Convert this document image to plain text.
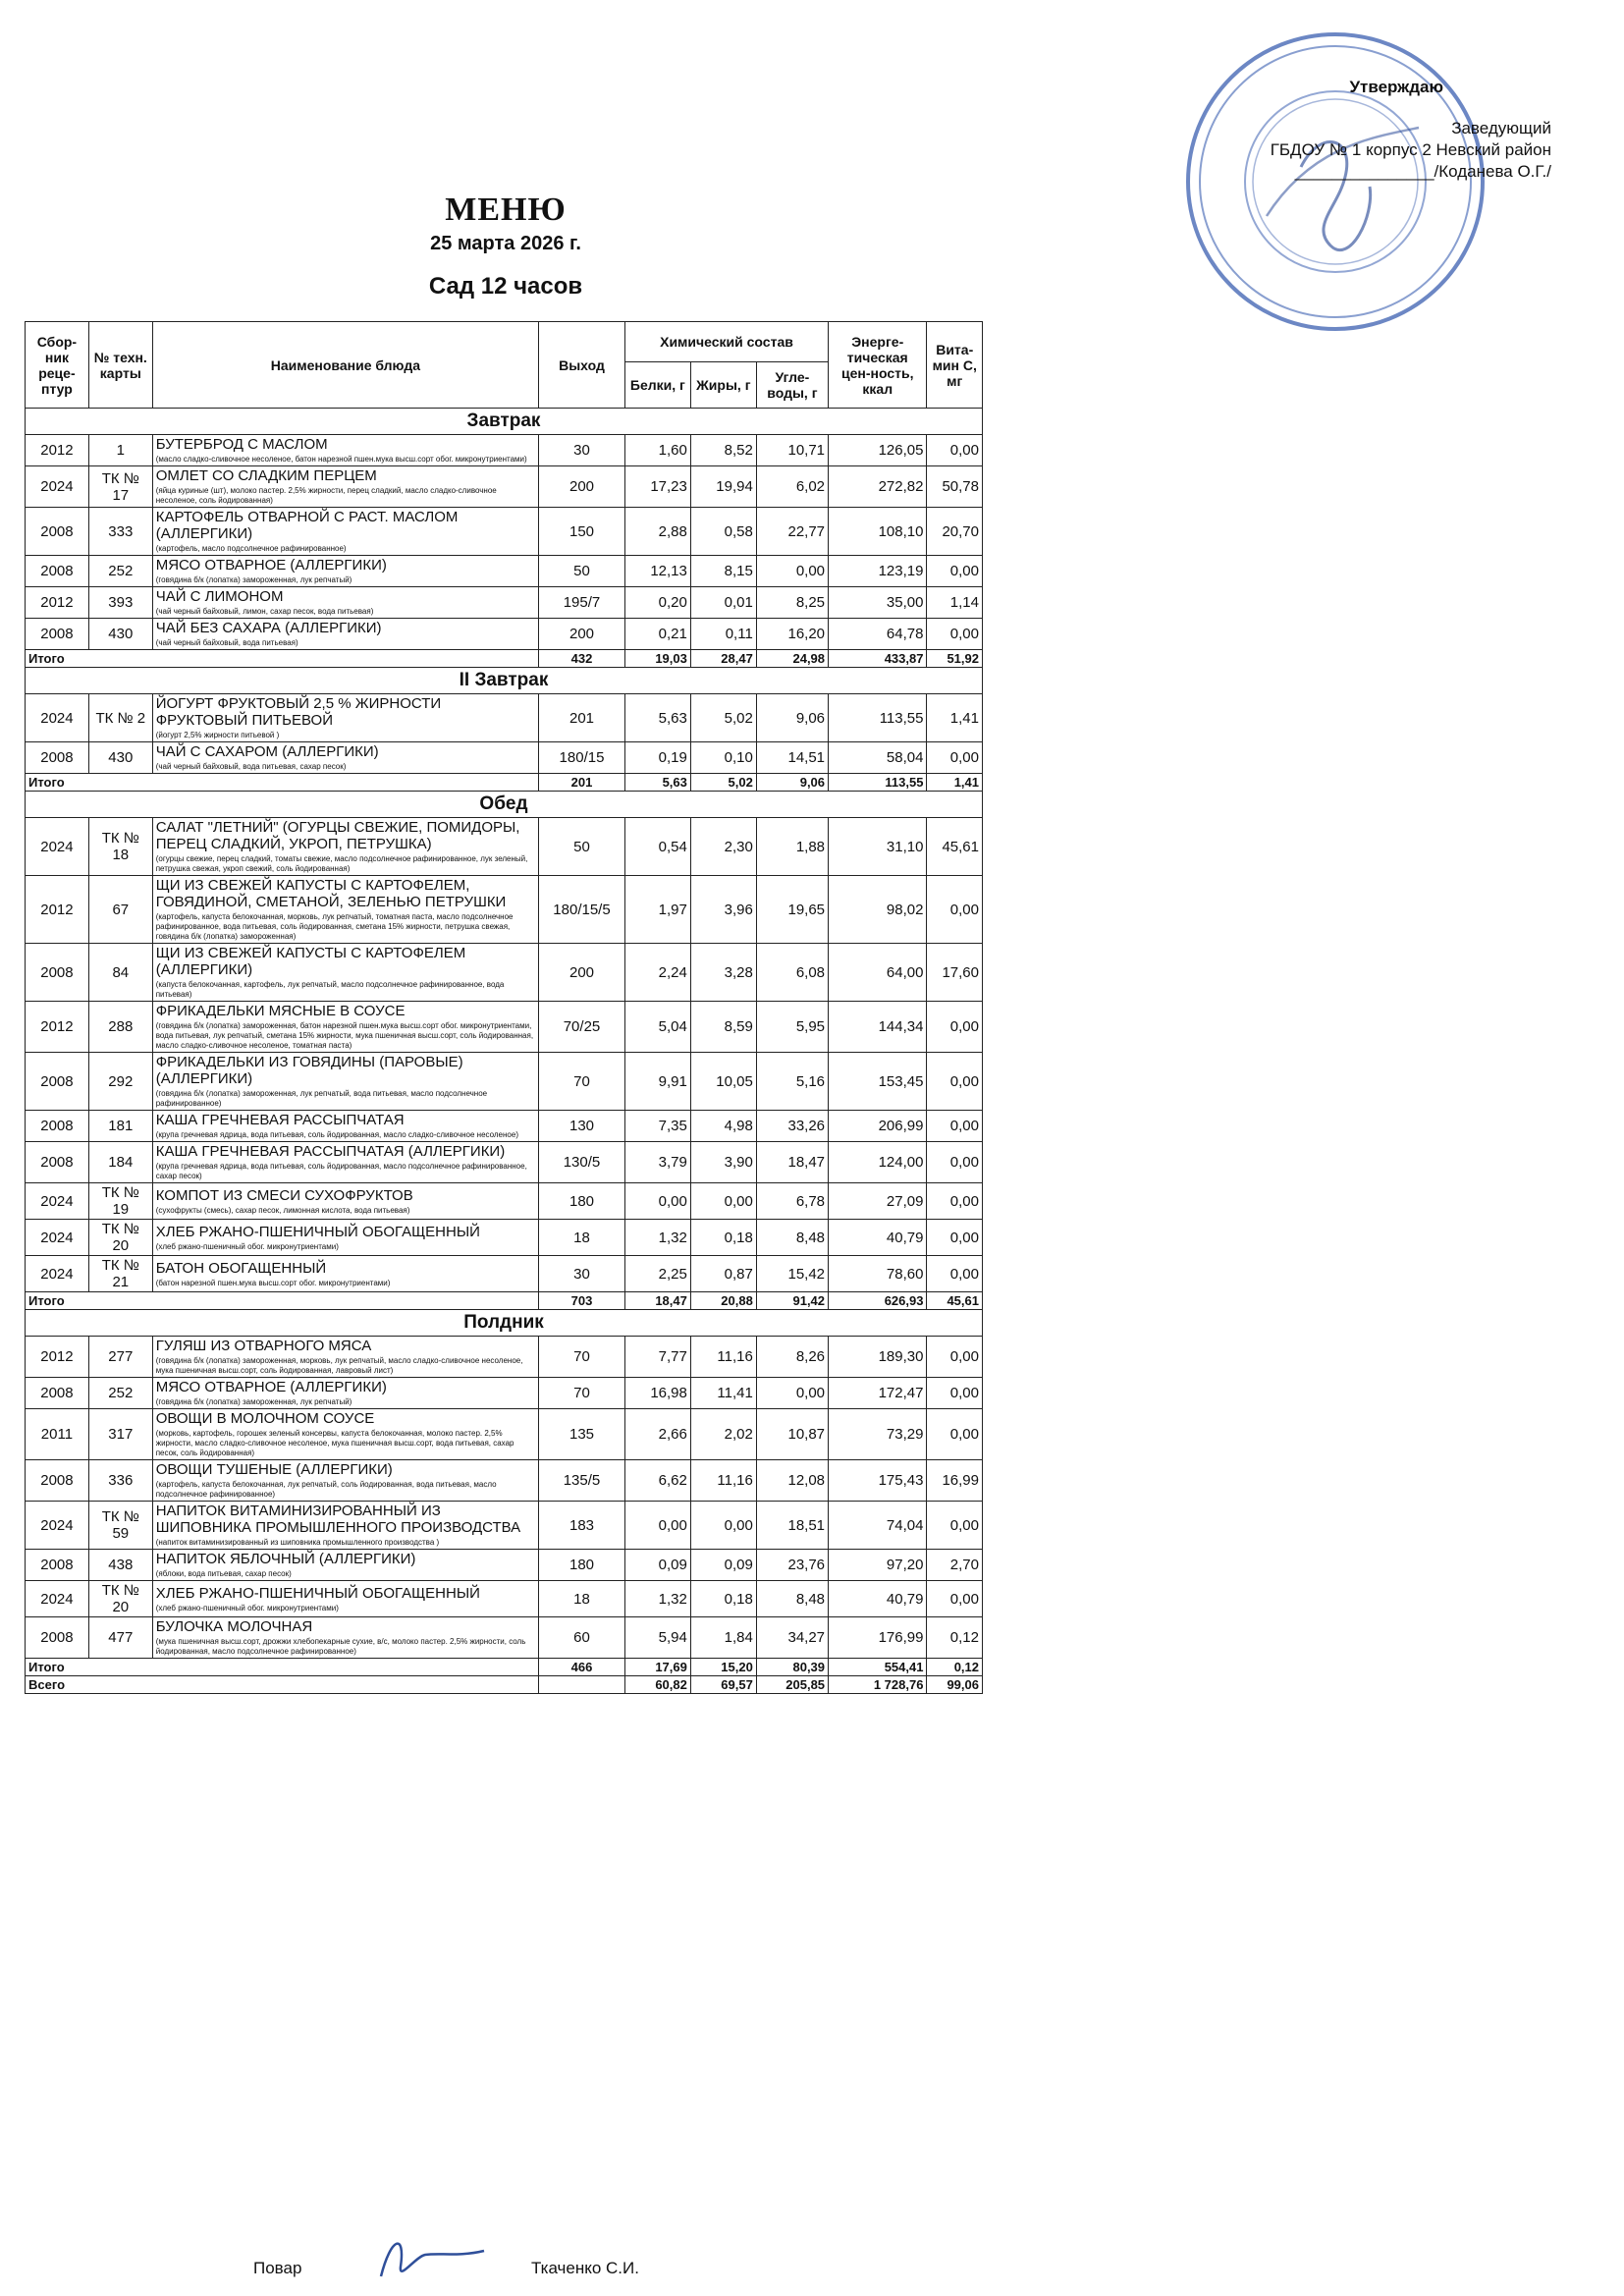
Утверждаю
Заведующий
ГБДОУ № 1 корпус 2 Невский район
_______________/Коданева О.Г./
МЕНЮ
25 марта 2026 г.
Сад 12 часов
Сбор-ник реце-птур	№ техн. карты	Наименование блюда	Выход	Химический состав			Энерге-тическая цен-ность, ккал	Вита-мин С, мг
				Белки, г	Жиры, г	Угле-воды, г		
Завтрак								
2012	1	БУТЕРБРОД С МАСЛОМ
(масло сладко-сливочное несоленое, батон нарезной пшен.мука высш.сорт обог. микронутриентами)	30	1,60	8,52	10,71	126,05	0,00
2024	ТК № 17	ОМЛЕТ СО СЛАДКИМ ПЕРЦЕМ
(яйца куриные (шт), молоко пастер. 2,5% жирности, перец сладкий, масло сладко-сливочное несоленое, соль йодированная)	200	17,23	19,94	6,02	272,82	50,78
2008	333	КАРТОФЕЛЬ ОТВАРНОЙ С РАСТ. МАСЛОМ (АЛЛЕРГИКИ)
(картофель, масло подсолнечное рафинированное)	150	2,88	0,58	22,77	108,10	20,70
2008	252	МЯСО ОТВАРНОЕ (АЛЛЕРГИКИ)
(говядина б/к (лопатка) замороженная, лук репчатый)	50	12,13	8,15	0,00	123,19	0,00
2012	393	ЧАЙ С ЛИМОНОМ
(чай черный байховый, лимон, сахар песок, вода питьевая)	195/7	0,20	0,01	8,25	35,00	1,14
2008	430	ЧАЙ БЕЗ САХАРА (АЛЛЕРГИКИ)
(чай черный байховый, вода питьевая)	200	0,21	0,11	16,20	64,78	0,00
Итого			432	19,03	28,47	24,98	433,87	51,92
II Завтрак								
2024	ТК № 2	ЙОГУРТ ФРУКТОВЫЙ 2,5 % ЖИРНОСТИ ФРУКТОВЫЙ ПИТЬЕВОЙ
(йогурт 2,5% жирности питьевой )	201	5,63	5,02	9,06	113,55	1,41
2008	430	ЧАЙ С САХАРОМ (АЛЛЕРГИКИ)
(чай черный байховый, вода питьевая, сахар песок)	180/15	0,19	0,10	14,51	58,04	0,00
Итого			201	5,63	5,02	9,06	113,55	1,41
Обед								
2024	ТК № 18	САЛАТ "ЛЕТНИЙ" (ОГУРЦЫ СВЕЖИЕ, ПОМИДОРЫ, ПЕРЕЦ СЛАДКИЙ, УКРОП, ПЕТРУШКА)
(огурцы свежие, перец сладкий, томаты свежие, масло подсолнечное рафинированное, лук зеленый, петрушка свежая, укроп свежий, соль йодированная)	50	0,54	2,30	1,88	31,10	45,61
2012	67	ЩИ ИЗ СВЕЖЕЙ КАПУСТЫ С КАРТОФЕЛЕМ, ГОВЯДИНОЙ, СМЕТАНОЙ, ЗЕЛЕНЬЮ ПЕТРУШКИ
(картофель, капуста белокочанная, морковь, лук репчатый, томатная паста, масло подсолнечное рафинированное, вода питьевая, соль йодированная, сметана 15% жирности, петрушка свежая, говядина б/к (лопатка) замороженная)	180/15/5	1,97	3,96	19,65	98,02	0,00
2008	84	ЩИ ИЗ СВЕЖЕЙ КАПУСТЫ С КАРТОФЕЛЕМ (АЛЛЕРГИКИ)
(капуста белокочанная, картофель, лук репчатый, масло подсолнечное рафинированное, вода питьевая)	200	2,24	3,28	6,08	64,00	17,60
2012	288	ФРИКАДЕЛЬКИ МЯСНЫЕ В СОУСЕ
(говядина б/к (лопатка) замороженная, батон нарезной пшен.мука высш.сорт обог. микронутриентами, вода питьевая, лук репчатый, сметана 15% жирности, мука пшеничная высш.сорт, соль йодированная, масло сладко-сливочное несоленое, томатная паста)	70/25	5,04	8,59	5,95	144,34	0,00
2008	292	ФРИКАДЕЛЬКИ ИЗ ГОВЯДИНЫ (ПАРОВЫЕ) (АЛЛЕРГИКИ)
(говядина б/к (лопатка) замороженная, лук репчатый, вода питьевая, масло подсолнечное рафинированное)	70	9,91	10,05	5,16	153,45	0,00
2008	181	КАША ГРЕЧНЕВАЯ РАССЫПЧАТАЯ
(крупа гречневая ядрица, вода питьевая, соль йодированная, масло сладко-сливочное несоленое)	130	7,35	4,98	33,26	206,99	0,00
2008	184	КАША ГРЕЧНЕВАЯ РАССЫПЧАТАЯ (АЛЛЕРГИКИ)
(крупа гречневая ядрица, вода питьевая, соль йодированная, масло подсолнечное рафинированное, сахар песок)	130/5	3,79	3,90	18,47	124,00	0,00
2024	ТК № 19	КОМПОТ ИЗ СМЕСИ СУХОФРУКТОВ
(сухофрукты (смесь), сахар песок, лимонная кислота, вода питьевая)	180	0,00	0,00	6,78	27,09	0,00
2024	ТК № 20	ХЛЕБ РЖАНО-ПШЕНИЧНЫЙ ОБОГАЩЕННЫЙ
(хлеб ржано-пшеничный обог. микронутриентами)	18	1,32	0,18	8,48	40,79	0,00
2024	ТК № 21	БАТОН ОБОГАЩЕННЫЙ
(батон нарезной пшен.мука высш.сорт обог. микронутриентами)	30	2,25	0,87	15,42	78,60	0,00
Итого			703	18,47	20,88	91,42	626,93	45,61
Полдник								
2012	277	ГУЛЯШ ИЗ ОТВАРНОГО МЯСА
(говядина б/к (лопатка) замороженная, морковь, лук репчатый, масло сладко-сливочное несоленое, мука пшеничная высш.сорт, соль йодированная, лавровый лист)	70	7,77	11,16	8,26	189,30	0,00
2008	252	МЯСО ОТВАРНОЕ (АЛЛЕРГИКИ)
(говядина б/к (лопатка) замороженная, лук репчатый)	70	16,98	11,41	0,00	172,47	0,00
2011	317	ОВОЩИ В МОЛОЧНОМ СОУСЕ
(морковь, картофель, горошек зеленый консервы, капуста белокочанная, молоко пастер. 2,5% жирности, масло сладко-сливочное несоленое, мука пшеничная высш.сорт, вода питьевая, сахар песок, соль йодированная)	135	2,66	2,02	10,87	73,29	0,00
2008	336	ОВОЩИ ТУШЕНЫЕ (АЛЛЕРГИКИ)
(картофель, капуста белокочанная, лук репчатый, соль йодированная, вода питьевая, масло подсолнечное рафинированное)	135/5	6,62	11,16	12,08	175,43	16,99
2024	ТК № 59	НАПИТОК ВИТАМИНИЗИРОВАННЫЙ ИЗ ШИПОВНИКА ПРОМЫШЛЕННОГО ПРОИЗВОДСТВА
(напиток витаминизированный из шиповника промышленного производства )	183	0,00	0,00	18,51	74,04	0,00
2008	438	НАПИТОК ЯБЛОЧНЫЙ (АЛЛЕРГИКИ)
(яблоки, вода питьевая, сахар песок)	180	0,09	0,09	23,76	97,20	2,70
2024	ТК № 20	ХЛЕБ РЖАНО-ПШЕНИЧНЫЙ ОБОГАЩЕННЫЙ
(хлеб ржано-пшеничный обог. микронутриентами)	18	1,32	0,18	8,48	40,79	0,00
2008	477	БУЛОЧКА МОЛОЧНАЯ
(мука пшеничная высш.сорт, дрожжи хлебопекарные сухие, в/с, молоко пастер. 2,5% жирности, соль йодированная, масло подсолнечное рафинированное)	60	5,94	1,84	34,27	176,99	0,12
Итого			466	17,69	15,20	80,39	554,41	0,12
Всего				60,82	69,57	205,85	1 728,76	99,06
Повар	Ткаченко С.И.
